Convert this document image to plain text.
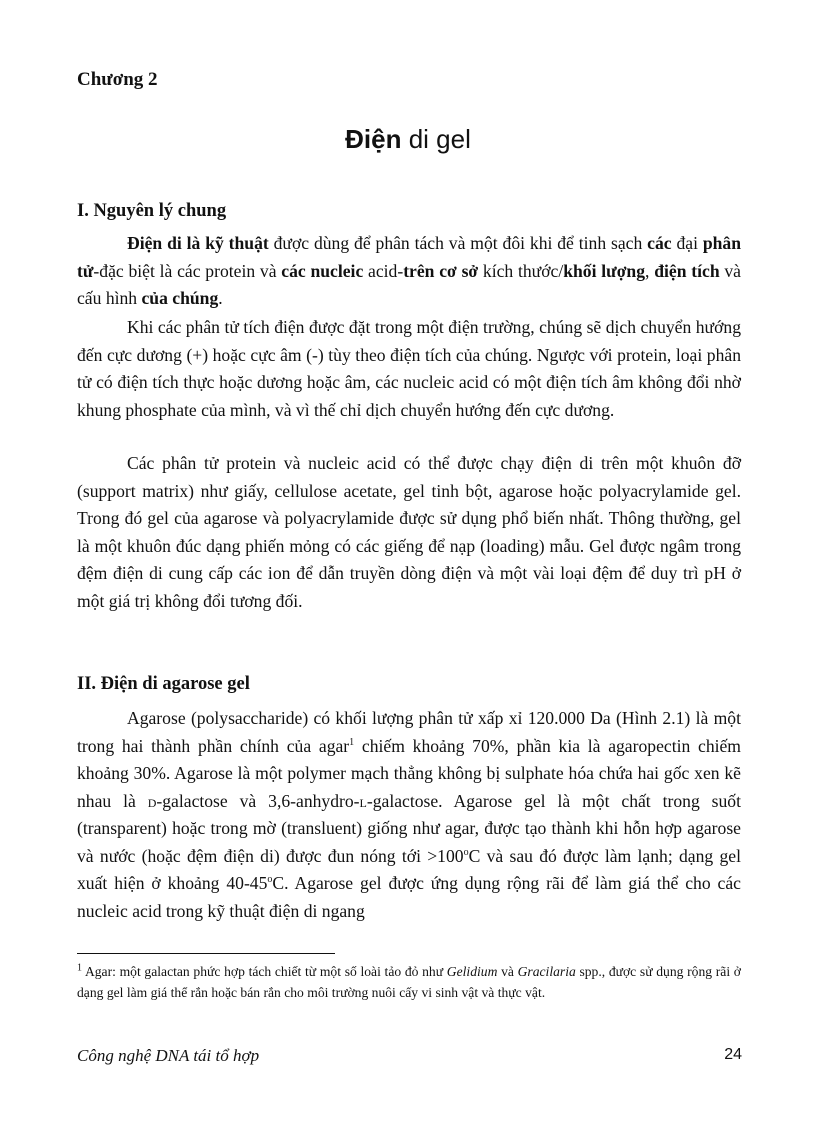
Chương 2
Điện di gel
I. Nguyên lý chung

Điện di là kỹ thuật được dùng để phân tách và một đôi khi để tinh sạch các đại phân tử-đặc biệt là các protein và các nucleic acid-trên cơ sở kích thước/khối lượng, điện tích và cấu hình của chúng.

Khi các phân tử tích điện được đặt trong một điện trường, chúng sẽ dịch chuyển hướng đến cực dương (+) hoặc cực âm (-) tùy theo điện tích của chúng. Ngược với protein, loại phân tử có điện tích thực hoặc dương hoặc âm, các nucleic acid có một điện tích âm không đổi nhờ khung phosphate của mình, và vì thế chỉ dịch chuyển hướng đến cực dương.

Các phân tử protein và nucleic acid có thể được chạy điện di trên một khuôn đỡ (support matrix) như giấy, cellulose acetate, gel tinh bột, agarose hoặc polyacrylamide gel. Trong đó gel của agarose và polyacrylamide được sử dụng phổ biến nhất. Thông thường, gel là một khuôn đúc dạng phiến mỏng có các giếng để nạp (loading) mẫu. Gel được ngâm trong đệm điện di cung cấp các ion để dẫn truyền dòng điện và một vài loại đệm để duy trì pH ở một giá trị không đổi tương đối.

II. Điện di agarose gel

Agarose (polysaccharide) có khối lượng phân tử xấp xỉ 120.000 Da (Hình 2.1) là một trong hai thành phần chính của agar$^1$ chiếm khoảng 70%, phần kia là agaropectin chiếm khoảng 30%. Agarose là một polymer mạch thẳng không bị sulphate hóa chứa hai gốc xen kẽ nhau là d-galactose và 3,6-anhydro-l-galactose. Agarose gel là một chất trong suốt (transparent) hoặc trong mờ (transluent) giống như agar, được tạo thành khi hỗn hợp agarose và nước (hoặc đệm điện di) được đun nóng tới $>100^oC$ và sau đó được làm lạnh; dạng gel xuất hiện ở khoảng 40-45$^o$C. Agarose gel được ứng dụng rộng rãi để làm giá thể cho các nucleic acid trong kỹ thuật điện di ngang

$^1$ Agar: một galactan phức hợp tách chiết từ một số loài tảo đỏ như Gelidium và Gracilaria spp., được sử dụng rộng rãi ở dạng gel làm giá thể rắn hoặc bán rắn cho môi trường nuôi cấy vi sinh vật và thực vật.
Công nghệ DNA tái tổ hợp	24
